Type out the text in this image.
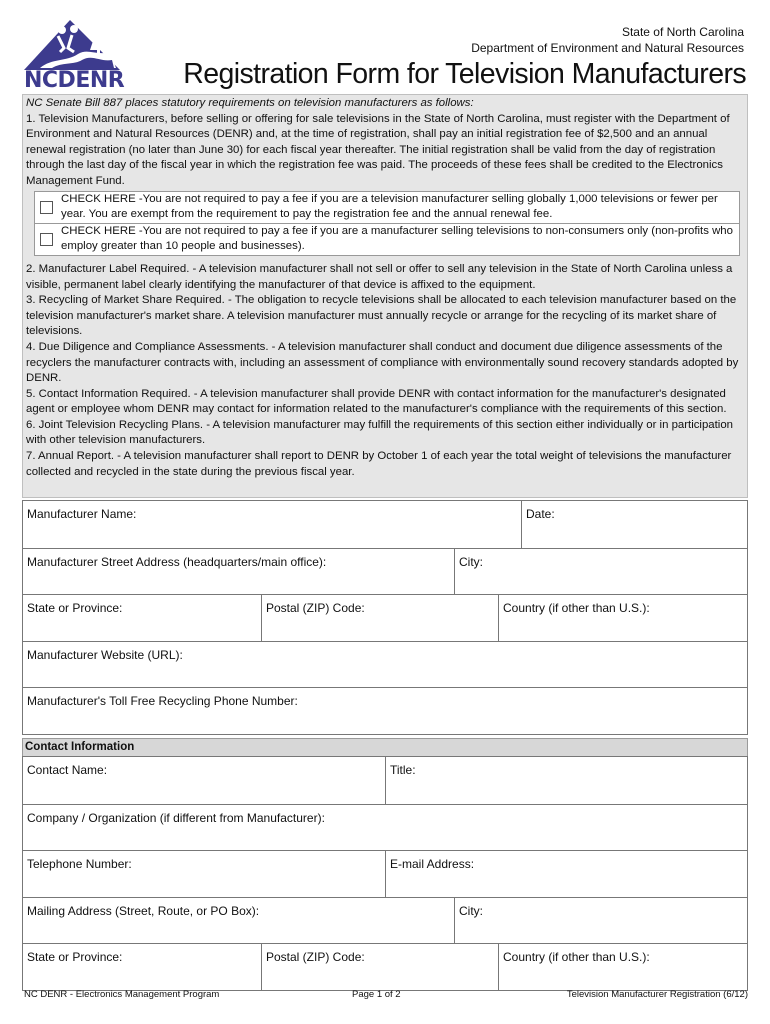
NCDENR
State of North Carolina
Department of Environment and Natural Resources
Registration Form for Television Manufacturers

NC Senate Bill 887 places statutory requirements on television manufacturers as follows:

1. Television Manufacturers, before selling or offering for sale televisions in the State of North Carolina, must register with the Department of Environment and Natural Resources (DENR) and, at the time of registration, shall pay an initial registration fee of $2,500 and an annual renewal registration (no later than June 30) for each fiscal year thereafter. The initial registration shall be valid from the day of registration through the last day of the fiscal year in which the registration fee was paid. The proceeds of these fees shall be credited to the Electronics Management Fund.

CHECK HERE -You are not required to pay a fee if you are a television manufacturer selling globally 1,000 televisions or fewer per year. You are exempt from the requirement to pay the registration fee and the annual renewal fee.
CHECK HERE -You are not required to pay a fee if you are a manufacturer selling televisions to non-consumers only (non-profits who employ greater than 10 people and businesses).

2. Manufacturer Label Required. - A television manufacturer shall not sell or offer to sell any television in the State of North Carolina unless a visible, permanent label clearly identifying the manufacturer of that device is affixed to the equipment.

3. Recycling of Market Share Required. - The obligation to recycle televisions shall be allocated to each television manufacturer based on the television manufacturer's market share. A television manufacturer must annually recycle or arrange for the recycling of its market share of televisions.

4. Due Diligence and Compliance Assessments. - A television manufacturer shall conduct and document due diligence assessments of the recyclers the manufacturer contracts with, including an assessment of compliance with environmentally sound recovery standards adopted by DENR.

5. Contact Information Required. - A television manufacturer shall provide DENR with contact information for the manufacturer's designated agent or employee whom DENR may contact for information related to the manufacturer's compliance with the requirements of this section.

6. Joint Television Recycling Plans. - A television manufacturer may fulfill the requirements of this section either individually or in participation with other television manufacturers.

7. Annual Report. - A television manufacturer shall report to DENR by October 1 of each year the total weight of televisions the manufacturer collected and recycled in the state during the previous fiscal year.

Manufacturer Name:	Date:
Manufacturer Street Address (headquarters/main office):	City:
State or Province:	Postal (ZIP) Code:	Country (if other than U.S.):
Manufacturer Website (URL):
Manufacturer's Toll Free Recycling Phone Number:
Contact Information
Contact Name:	Title:
Company / Organization (if different from Manufacturer):
Telephone Number:	E-mail Address:
Mailing Address (Street, Route, or PO Box):	City:
State or Province:	Postal (ZIP) Code:	Country (if other than U.S.):
NC DENR - Electronics Management Program	Page 1 of 2	Television Manufacturer Registration (6/12)
